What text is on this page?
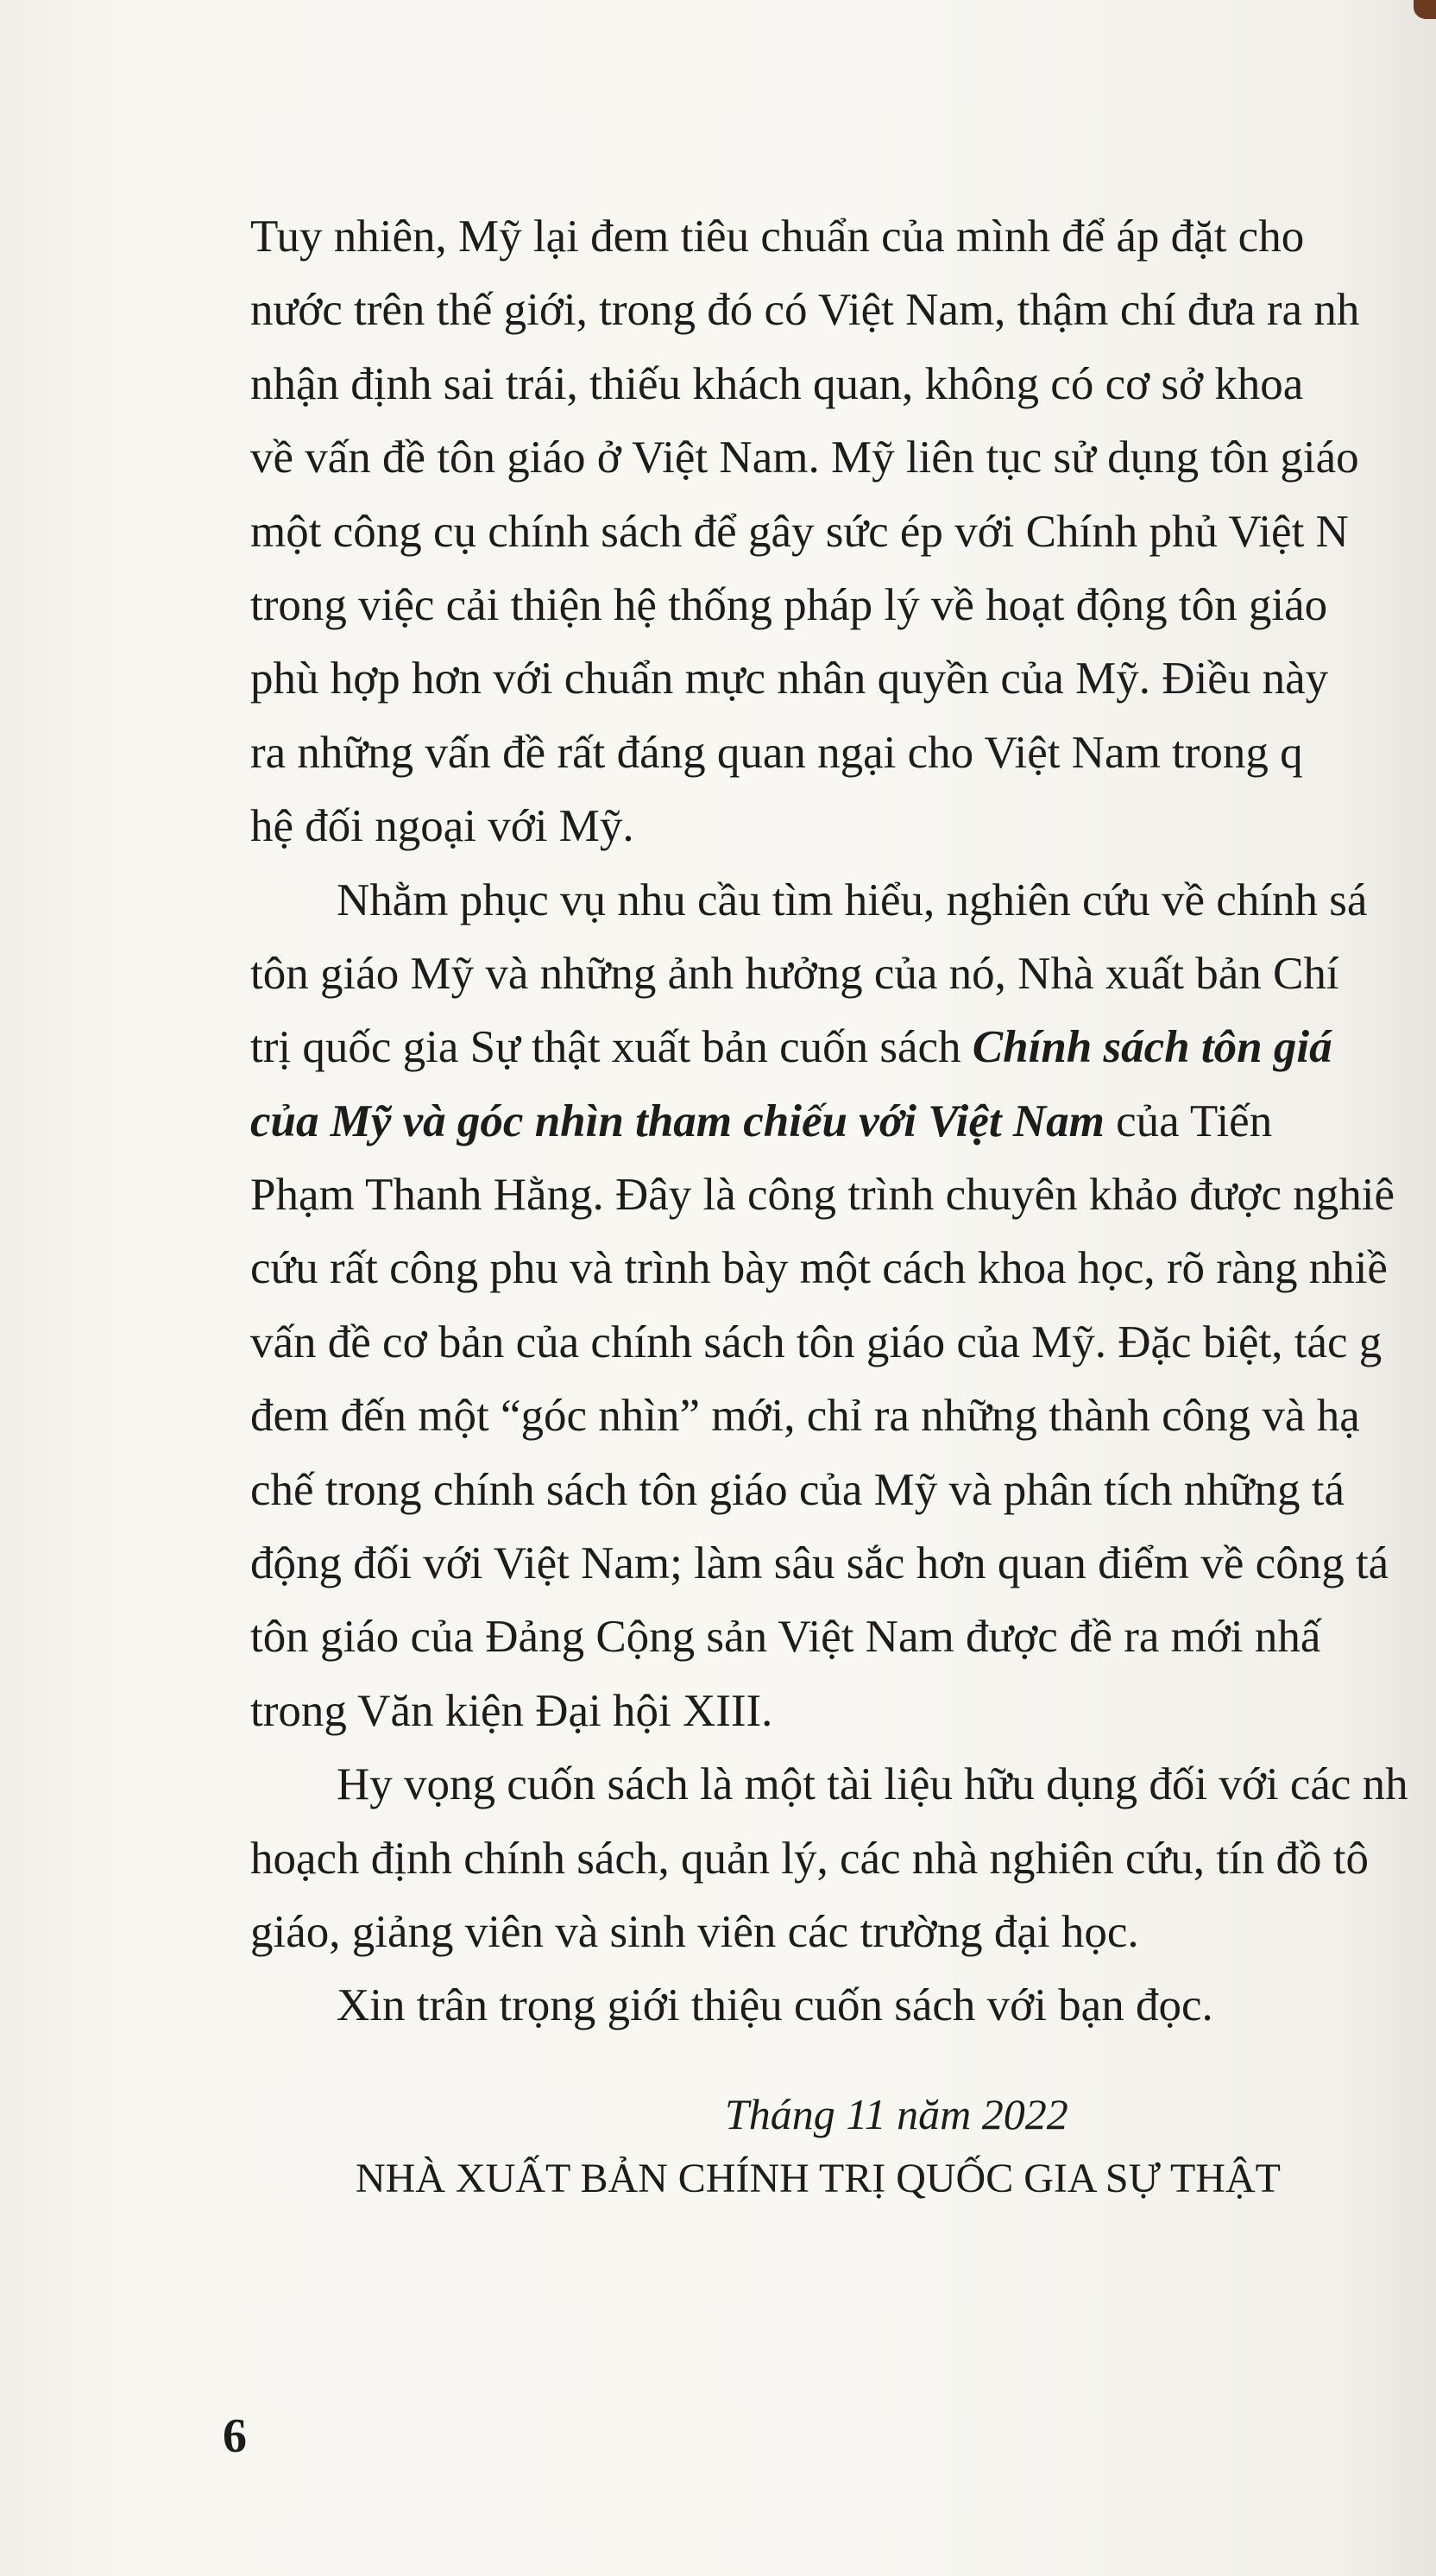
Tuy nhiên, Mỹ lại đem tiêu chuẩn của mình để áp đặt cho
nước trên thế giới, trong đó có Việt Nam, thậm chí đưa ra nh
nhận định sai trái, thiếu khách quan, không có cơ sở khoa
về vấn đề tôn giáo ở Việt Nam. Mỹ liên tục sử dụng tôn giáo
một công cụ chính sách để gây sức ép với Chính phủ Việt N
trong việc cải thiện hệ thống pháp lý về hoạt động tôn giáo
phù hợp hơn với chuẩn mực nhân quyền của Mỹ. Điều này
ra những vấn đề rất đáng quan ngại cho Việt Nam trong q
hệ đối ngoại với Mỹ.
Nhằm phục vụ nhu cầu tìm hiểu, nghiên cứu về chính sá
tôn giáo Mỹ và những ảnh hưởng của nó, Nhà xuất bản Chí
trị quốc gia Sự thật xuất bản cuốn sách Chính sách tôn giá
của Mỹ và góc nhìn tham chiếu với Việt Nam của Tiến
Phạm Thanh Hằng. Đây là công trình chuyên khảo được nghiê
cứu rất công phu và trình bày một cách khoa học, rõ ràng nhiề
vấn đề cơ bản của chính sách tôn giáo của Mỹ. Đặc biệt, tác g
đem đến một “góc nhìn” mới, chỉ ra những thành công và hạ
chế trong chính sách tôn giáo của Mỹ và phân tích những tá
động đối với Việt Nam; làm sâu sắc hơn quan điểm về công tá
tôn giáo của Đảng Cộng sản Việt Nam được đề ra mới nhấ
trong Văn kiện Đại hội XIII.
Hy vọng cuốn sách là một tài liệu hữu dụng đối với các nh
hoạch định chính sách, quản lý, các nhà nghiên cứu, tín đồ tô
giáo, giảng viên và sinh viên các trường đại học.
Xin trân trọng giới thiệu cuốn sách với bạn đọc.
Tháng 11 năm 2022
NHÀ XUẤT BẢN CHÍNH TRỊ QUỐC GIA SỰ THẬT
6
